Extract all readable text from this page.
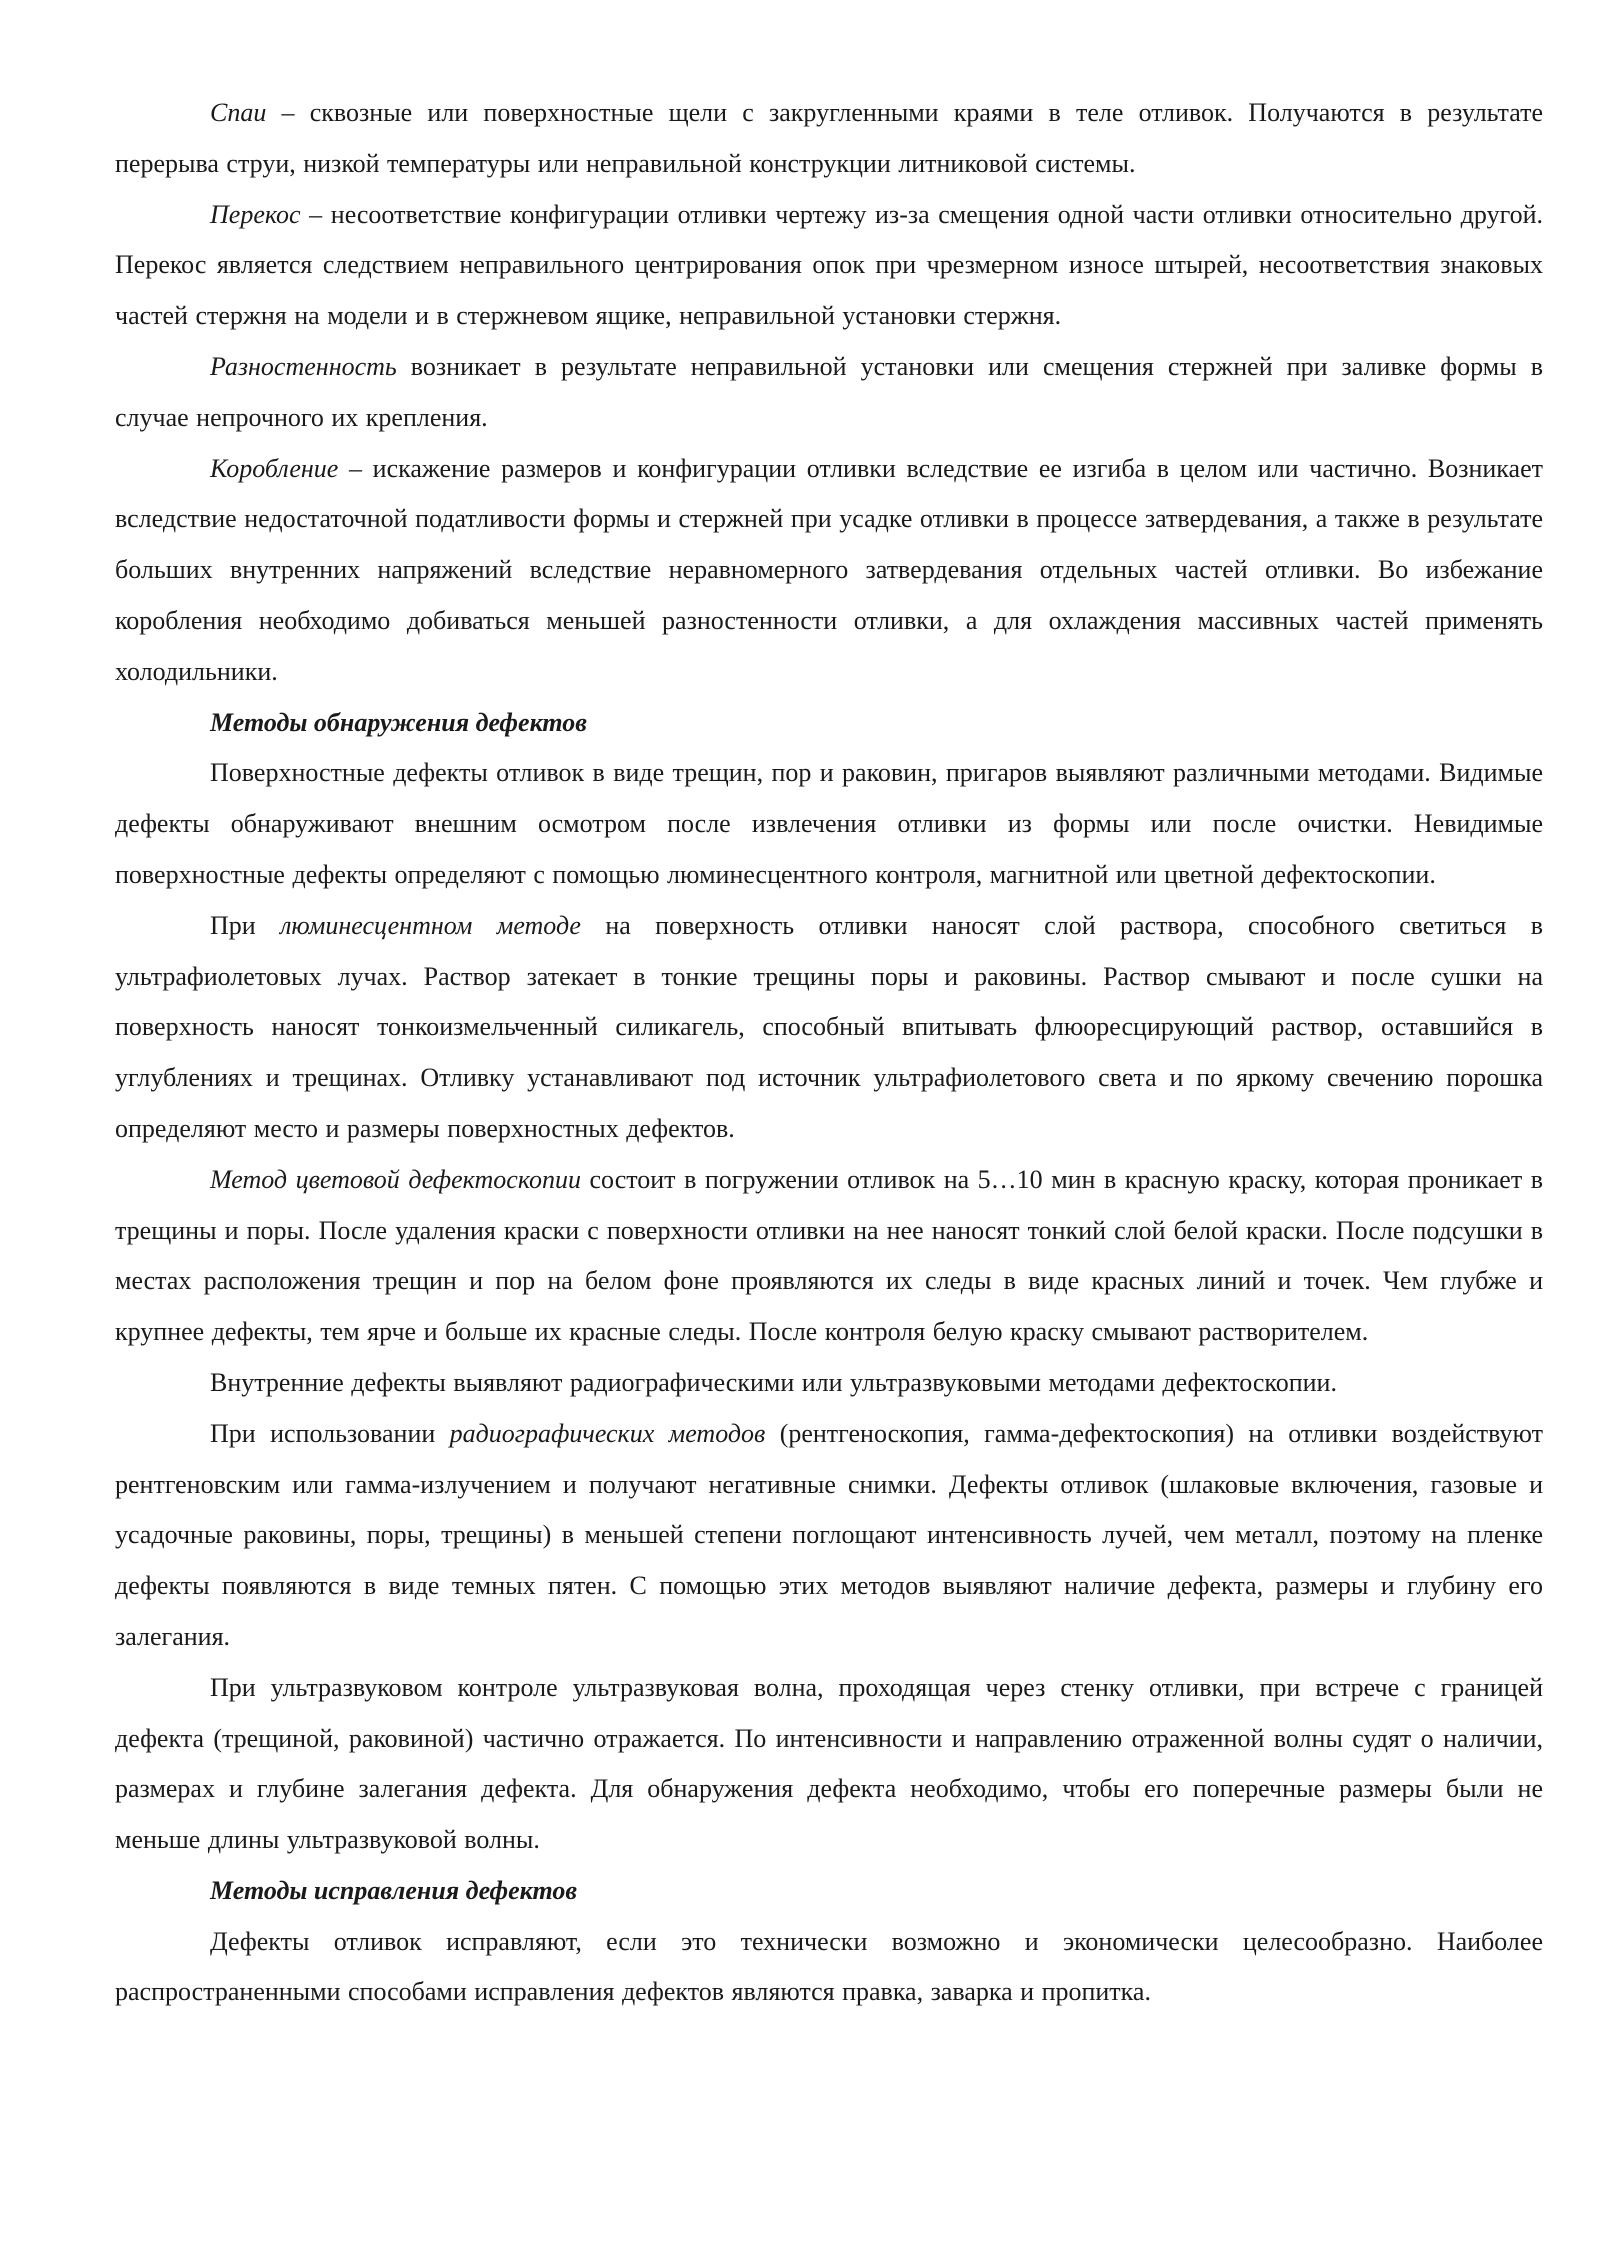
Спаи – сквозные или поверхностные щели с закругленными краями в теле отливок. Получаются в результате перерыва струи, низкой температуры или неправильной конструкции литниковой системы.

Перекос – несоответствие конфигурации отливки чертежу из-за смещения одной части отливки относительно другой. Перекос является следствием неправильного центрирования опок при чрезмерном износе штырей, несоответствия знаковых частей стержня на модели и в стержневом ящике, неправильной установки стержня.

Разностенность возникает в результате неправильной установки или смещения стержней при заливке формы в случае непрочного их крепления.

Коробление – искажение размеров и конфигурации отливки вследствие ее изгиба в целом или частично. Возникает вследствие недостаточной податливости формы и стержней при усадке отливки в процессе затвердевания, а также в результате больших внутренних напряжений вследствие неравномерного затвердевания отдельных частей отливки. Во избежание коробления необходимо добиваться меньшей разностенности отливки, а для охлаждения массивных частей применять холодильники.

Методы обнаружения дефектов

Поверхностные дефекты отливок в виде трещин, пор и раковин, пригаров выявляют различными методами. Видимые дефекты обнаруживают внешним осмотром после извлечения отливки из формы или после очистки. Невидимые поверхностные дефекты определяют с помощью люминесцентного контроля, магнитной или цветной дефектоскопии.

При люминесцентном методе на поверхность отливки наносят слой раствора, способного светиться в ультрафиолетовых лучах. Раствор затекает в тонкие трещины поры и раковины. Раствор смывают и после сушки на поверхность наносят тонкоизмельченный силикагель, способный впитывать флюоресцирующий раствор, оставшийся в углублениях и трещинах. Отливку устанавливают под источник ультрафиолетового света и по яркому свечению порошка определяют место и размеры поверхностных дефектов.

Метод цветовой дефектоскопии состоит в погружении отливок на 5…10 мин в красную краску, которая проникает в трещины и поры. После удаления краски с поверхности отливки на нее наносят тонкий слой белой краски. После подсушки в местах расположения трещин и пор на белом фоне проявляются их следы в виде красных линий и точек. Чем глубже и крупнее дефекты, тем ярче и больше их красные следы. После контроля белую краску смывают растворителем.

Внутренние дефекты выявляют радиографическими или ультразвуковыми методами дефектоскопии.

При использовании радиографических методов (рентгеноскопия, гамма-дефектоскопия) на отливки воздействуют рентгеновским или гамма-излучением и получают негативные снимки. Дефекты отливок (шлаковые включения, газовые и усадочные раковины, поры, трещины) в меньшей степени поглощают интенсивность лучей, чем металл, поэтому на пленке дефекты появляются в виде темных пятен. С помощью этих методов выявляют наличие дефекта, размеры и глубину его залегания.

При ультразвуковом контроле ультразвуковая волна, проходящая через стенку отливки, при встрече с границей дефекта (трещиной, раковиной) частично отражается. По интенсивности и направлению отраженной волны судят о наличии, размерах и глубине залегания дефекта. Для обнаружения дефекта необходимо, чтобы его поперечные размеры были не меньше длины ультразвуковой волны.

Методы исправления дефектов

Дефекты отливок исправляют, если это технически возможно и экономически целесообразно. Наиболее распространенными способами исправления дефектов являются правка, заварка и пропитка.
